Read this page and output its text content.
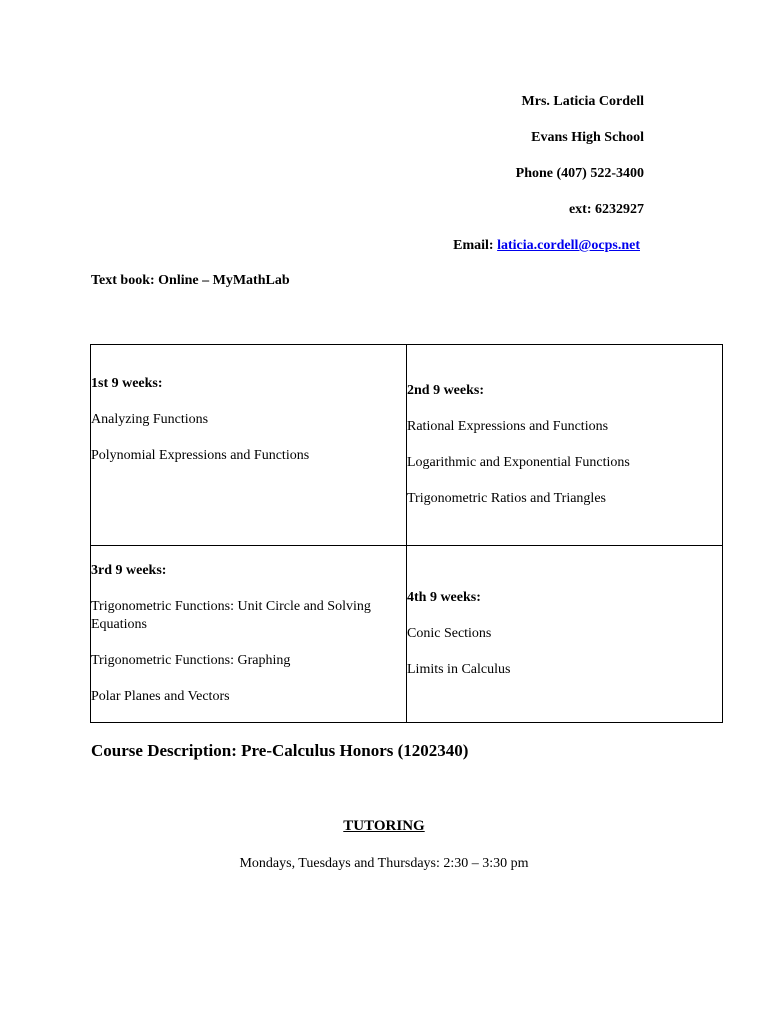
Mrs. Laticia Cordell
Evans High School
Phone (407) 522-3400
ext: 6232927
Email: laticia.cordell@ocps.net
Text book: Online – MyMathLab

1st 9 weeks:

Analyzing Functions

Polynomial Expressions and Functions

2nd 9 weeks:

Rational Expressions and Functions

Logarithmic and Exponential Functions

Trigonometric Ratios and Triangles

3rd 9 weeks:

Trigonometric Functions: Unit Circle and Solving Equations

Trigonometric Functions: Graphing

Polar Planes and Vectors

4th 9 weeks:

Conic Sections

Limits in Calculus

Course Description: Pre-Calculus Honors (1202340)
TUTORING
Mondays, Tuesdays and Thursdays: 2:30 – 3:30 pm
